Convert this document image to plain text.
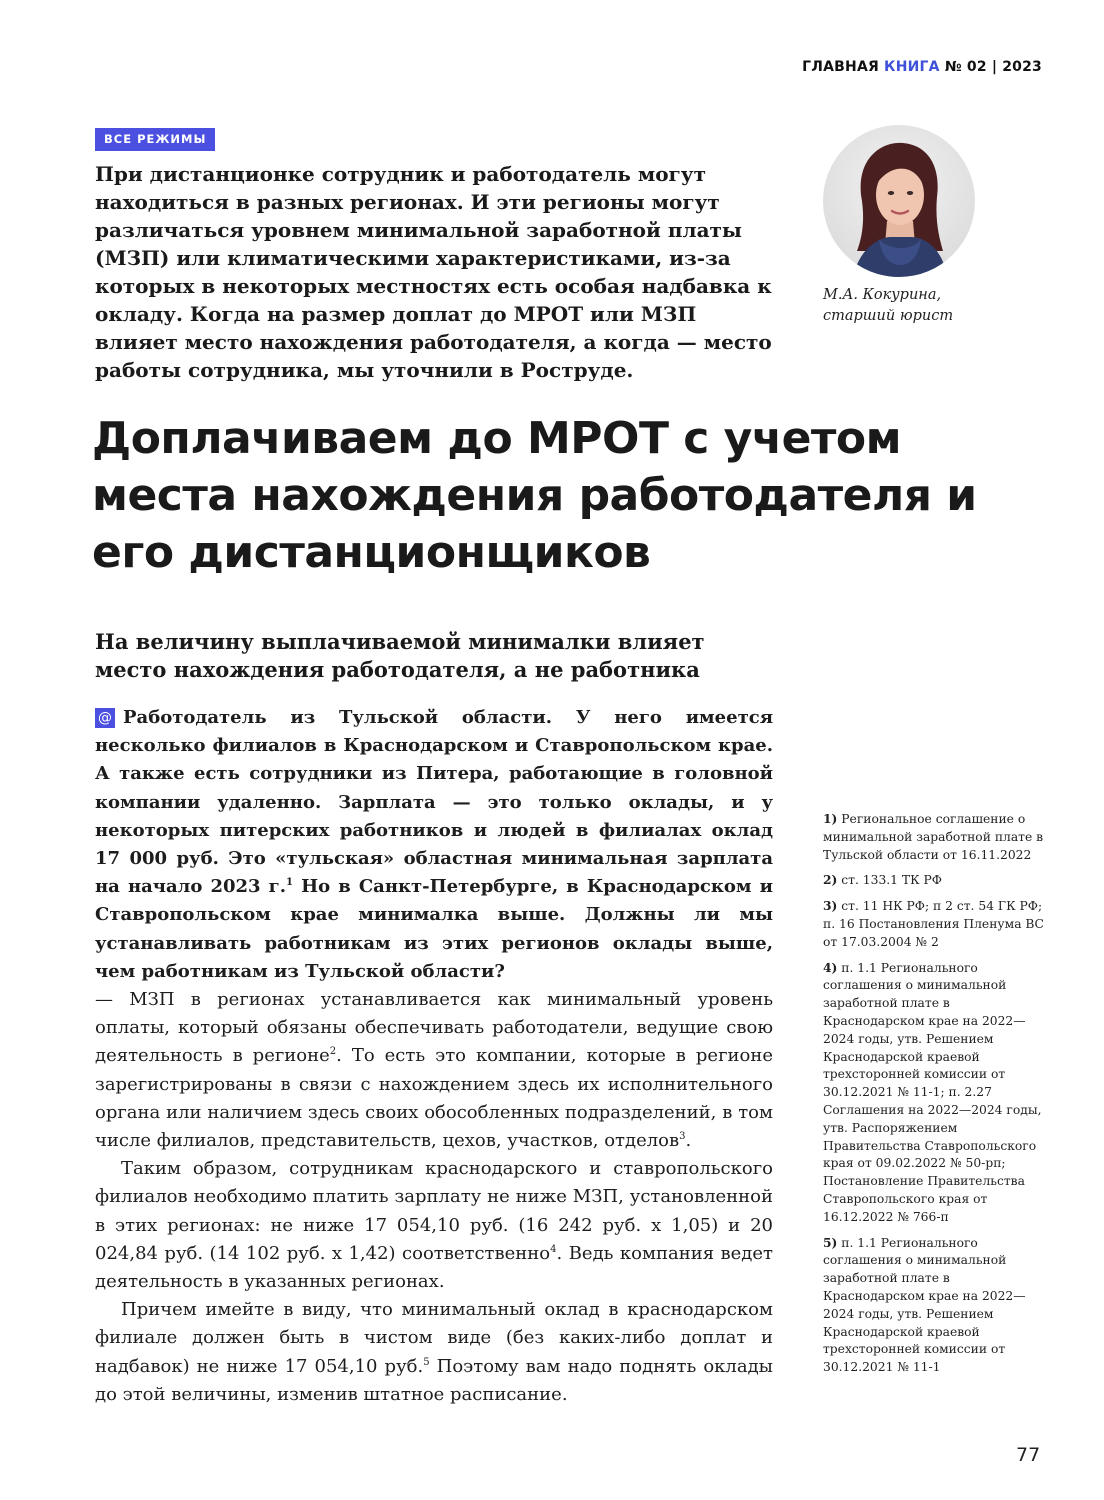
ГЛАВНАЯ КНИГА № 02 | 2023
ВСЕ РЕЖИМЫ

При дистанционке сотрудник и работодатель могут находиться в разных регионах. И эти регионы могут различаться уровнем минимальной заработной платы (МЗП) или климатическими характеристиками, из-за которых в некоторых местностях есть особая надбавка к окладу. Когда на размер доплат до МРОТ или МЗП влияет место нахождения работодателя, а когда — место работы сотрудника, мы уточнили в Роструде.

М.А. Кокурина,
старший юрист
Доплачиваем до МРОТ с учетом места нахождения работодателя и его дистанционщиков
На величину выплачиваемой минималки влияет место нахождения работодателя, а не работника

@ Работодатель из Тульской области. У него имеется несколько филиалов в Краснодарском и Ставропольском крае. А также есть сотрудники из Питера, работающие в головной компании удаленно. Зарплата — это только оклады, и у некоторых питерских работников и людей в филиалах оклад 17 000 руб. Это «тульская» областная минимальная зарплата на начало 2023 г.$^1$ Но в Санкт-Петербурге, в Краснодарском и Ставропольском крае минималка выше. Должны ли мы устанавливать работникам из этих регионов оклады выше, чем работникам из Тульской области?

— МЗП в регионах устанавливается как минимальный уровень оплаты, который обязаны обеспечивать работодатели, ведущие свою деятельность в регионе$^2$. То есть это компании, которые в регионе зарегистрированы в связи с нахождением здесь их исполнительного органа или наличием здесь своих обособленных подразделений, в том числе филиалов, представительств, цехов, участков, отделов$^3$.

Таким образом, сотрудникам краснодарского и ставропольского филиалов необходимо платить зарплату не ниже МЗП, установленной в этих регионах: не ниже 17 054,10 руб. (16 242 руб. x 1,05) и 20 024,84 руб. (14 102 руб. x 1,42) соответственно$^4$. Ведь компания ведет деятельность в указанных регионах.

Причем имейте в виду, что минимальный оклад в краснодарском филиале должен быть в чистом виде (без каких-либо доплат и надбавок) не ниже 17 054,10 руб.$^5$ Поэтому вам надо поднять оклады до этой величины, изменив штатное расписание.

1) Региональное соглашение о минимальной заработной плате в Тульской области от 16.11.2022
2) ст. 133.1 ТК РФ
3) ст. 11 НК РФ; п 2 ст. 54 ГК РФ; п. 16 Постановления Пленума ВС от 17.03.2004 № 2
4) п. 1.1 Регионального соглашения о минимальной заработной плате в Краснодарском крае на 2022—2024 годы, утв. Решением Краснодарской краевой трехсторонней комиссии от 30.12.2021 № 11-1; п. 2.27 Соглашения на 2022—2024 годы, утв. Распоряжением Правительства Ставропольского края от 09.02.2022 № 50-рп; Постановление Правительства Ставропольского края от 16.12.2022 № 766-п
5) п. 1.1 Регионального соглашения о минимальной заработной плате в Краснодарском крае на 2022—2024 годы, утв. Решением Краснодарской краевой трехсторонней комиссии от 30.12.2021 № 11-1
77
